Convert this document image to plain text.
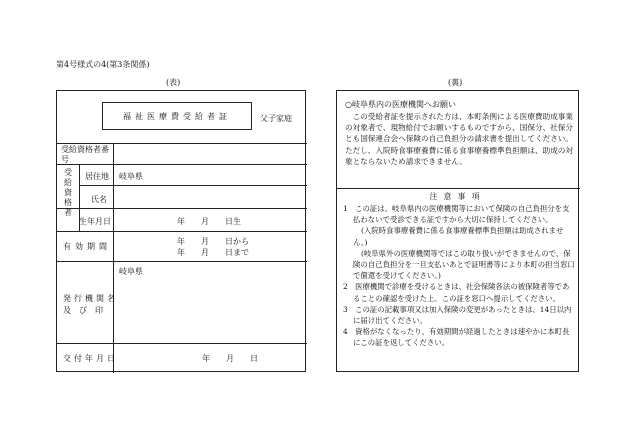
第4号様式の4(第3条関係)
(表)	(裏)
福祉医療費受給者証	父子家庭
受給資格者番号
受給資格者
居住地 岐阜県
氏名
生年月日	年　　月　　日生
有効期間
年　　月　　日から
年　　月　　日まで
発行機関名
及　び　印
岐阜県
交付年月日	年　　月　　日
○岐阜県内の医療機関へお願い
この受給者証を提示された方は、本町条例による医療費助成事業の対象者で、現物給付でお願いするものですから、国保分、社保分とも国保連合会へ保険の自己負担分の請求書を提出してください。ただし、入院時食事療養費に係る食事療養標準負担額は、助成の対象とならないため請求できません。
注意事項

1　この証は、岐阜県内の医療機関等において保険の自己負担分を支払わないで受診できる証ですから大切に保持してください。

(入院時食事療養費に係る食事療養標準負担額は助成されません。)

(岐阜県外の医療機関等ではこの取り扱いができませんので、保険の自己負担分を一旦支払いあとで証明書等により本町の担当窓口で償還を受けてください。)

2　医療機関で診療を受けるときは、社会保険各法の被保険者等であることの確認を受けた上、この証を窓口へ提示してください。

3　この証の記載事項又は加入保険の変更があったときは、14日以内に届け出てください。

4　資格がなくなったり、有効期間が経過したときは速やかに本町長にこの証を返してください。
